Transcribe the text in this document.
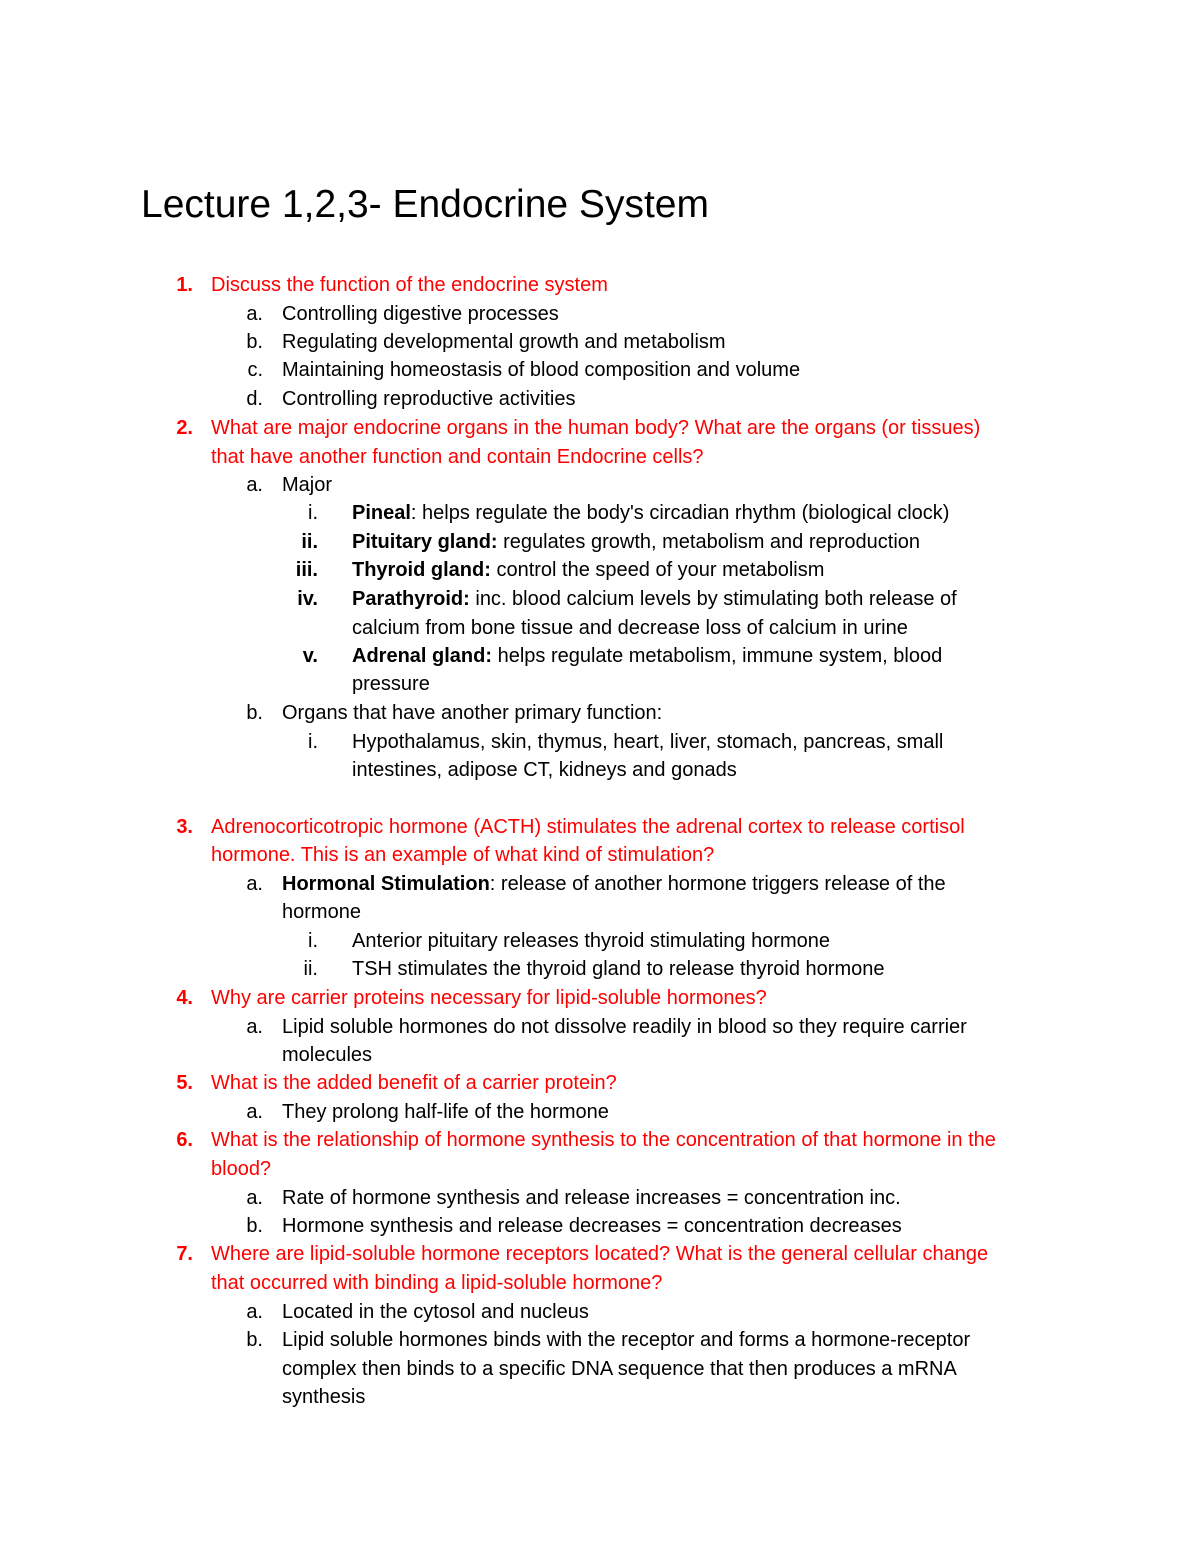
Lecture 1,2,3- Endocrine System
1. Discuss the function of the endocrine system
a. Controlling digestive processes
b. Regulating developmental growth and metabolism
c. Maintaining homeostasis of blood composition and volume
d. Controlling reproductive activities
2. What are major endocrine organs in the human body? What are the organs (or tissues)
that have another function and contain Endocrine cells?
a. Major
i. Pineal: helps regulate the body's circadian rhythm (biological clock)
ii. Pituitary gland: regulates growth, metabolism and reproduction
iii. Thyroid gland: control the speed of your metabolism
iv. Parathyroid: inc. blood calcium levels by stimulating both release of
calcium from bone tissue and decrease loss of calcium in urine
v. Adrenal gland: helps regulate metabolism, immune system, blood
pressure
b. Organs that have another primary function:
i. Hypothalamus, skin, thymus, heart, liver, stomach, pancreas, small
intestines, adipose CT, kidneys and gonads
3. Adrenocorticotropic hormone (ACTH) stimulates the adrenal cortex to release cortisol
hormone. This is an example of what kind of stimulation?
a. Hormonal Stimulation: release of another hormone triggers release of the
hormone
i. Anterior pituitary releases thyroid stimulating hormone
ii. TSH stimulates the thyroid gland to release thyroid hormone
4. Why are carrier proteins necessary for lipid-soluble hormones?
a. Lipid soluble hormones do not dissolve readily in blood so they require carrier
molecules
5. What is the added benefit of a carrier protein?
a. They prolong half-life of the hormone
6. What is the relationship of hormone synthesis to the concentration of that hormone in the
blood?
a. Rate of hormone synthesis and release increases = concentration inc.
b. Hormone synthesis and release decreases = concentration decreases
7. Where are lipid-soluble hormone receptors located? What is the general cellular change
that occurred with binding a lipid-soluble hormone?
a. Located in the cytosol and nucleus
b. Lipid soluble hormones binds with the receptor and forms a hormone-receptor
complex then binds to a specific DNA sequence that then produces a mRNA
synthesis
